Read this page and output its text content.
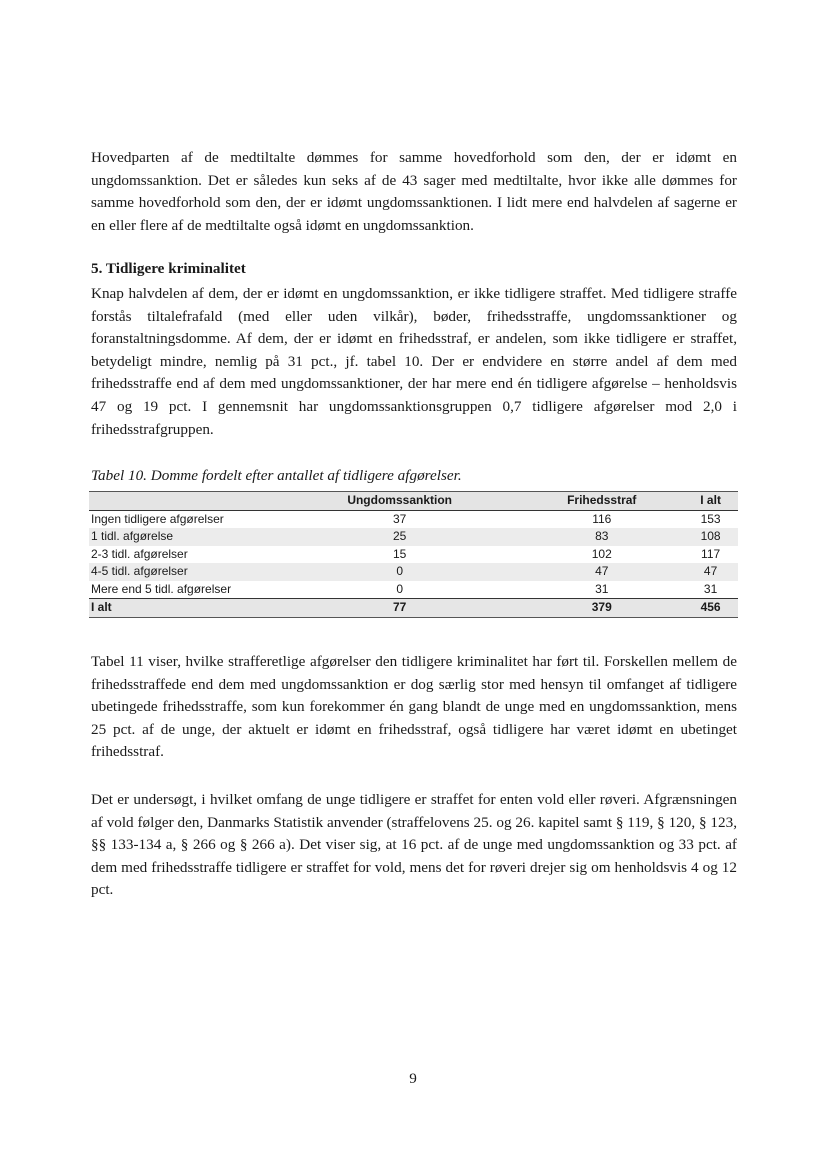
Hovedparten af de medtiltalte dømmes for samme hovedforhold som den, der er idømt en ungdomssanktion. Det er således kun seks af de 43 sager med medtiltalte, hvor ikke alle dømmes for samme hovedforhold som den, der er idømt ungdomssanktionen. I lidt mere end halvdelen af sagerne er en eller flere af de medtiltalte også idømt en ungdomssanktion.

5. Tidligere kriminalitet

Knap halvdelen af dem, der er idømt en ungdomssanktion, er ikke tidligere straffet. Med tidligere straffe forstås tiltalefrafald (med eller uden vilkår), bøder, frihedsstraffe, ungdomssanktioner og foranstaltningsdomme. Af dem, der er idømt en frihedsstraf, er andelen, som ikke tidligere er straffet, betydeligt mindre, nemlig på 31 pct., jf. tabel 10. Der er endvidere en større andel af dem med frihedsstraffe end af dem med ungdomssanktioner, der har mere end én tidligere afgørelse – henholdsvis 47 og 19 pct. I gennemsnit har ungdomssanktionsgruppen 0,7 tidligere afgørelser mod 2,0 i frihedsstrafgruppen.

Tabel 10. Domme fordelt efter antallet af tidligere afgørelser.

	Ungdomssanktion	Frihedsstraf	I alt
Ingen tidligere afgørelser	37	116	153
1 tidl. afgørelse	25	83	108
2-3 tidl. afgørelser	15	102	117
4-5 tidl. afgørelser	0	47	47
Mere end 5 tidl. afgørelser	0	31	31
I alt	77	379	456

Tabel 11 viser, hvilke strafferetlige afgørelser den tidligere kriminalitet har ført til. Forskellen mellem de frihedsstraffede end dem med ungdomssanktion er dog særlig stor med hensyn til omfanget af tidligere ubetingede frihedsstraffe, som kun forekommer én gang blandt de unge med en ungdomssanktion, mens 25 pct. af de unge, der aktuelt er idømt en frihedsstraf, også tidligere har været idømt en ubetinget frihedsstraf.

Det er undersøgt, i hvilket omfang de unge tidligere er straffet for enten vold eller røveri. Afgrænsningen af vold følger den, Danmarks Statistik anvender (straffelovens 25. og 26. kapitel samt § 119, § 120, § 123, §§ 133-134 a, § 266 og § 266 a). Det viser sig, at 16 pct. af de unge med ungdomssanktion og 33 pct. af dem med frihedsstraffe tidligere er straffet for vold, mens det for røveri drejer sig om henholdsvis 4 og 12 pct.

9
